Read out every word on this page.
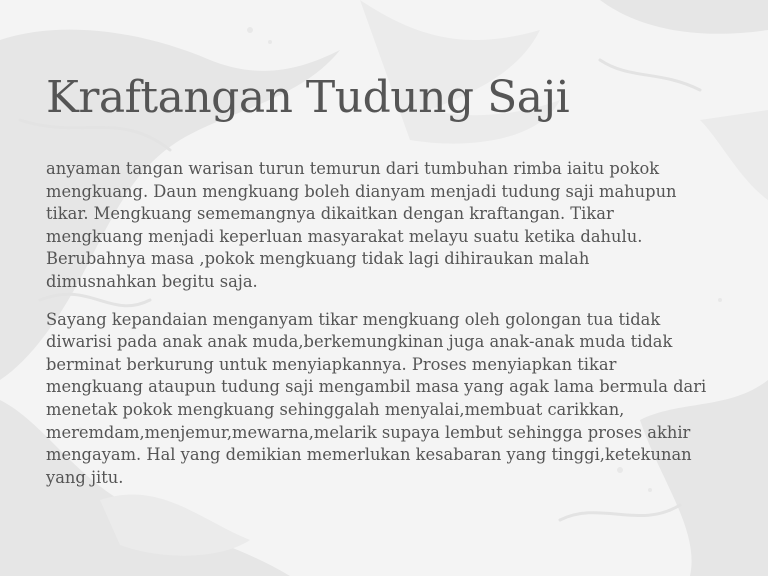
Kraftangan Tudung Saji

anyaman tangan warisan turun temurun dari tumbuhan rimba iaitu pokok
mengkuang. Daun mengkuang boleh dianyam menjadi tudung saji mahupun
tikar. Mengkuang sememangnya dikaitkan dengan kraftangan. Tikar
mengkuang menjadi keperluan masyarakat melayu suatu ketika dahulu.
Berubahnya masa ,pokok mengkuang tidak lagi dihiraukan malah
dimusnahkan begitu saja.

Sayang kepandaian menganyam tikar mengkuang oleh golongan tua tidak
diwarisi pada anak anak muda,berkemungkinan juga anak-anak muda tidak
berminat berkurung untuk menyiapkannya. Proses menyiapkan tikar
mengkuang ataupun tudung saji mengambil masa yang agak lama bermula dari
menetak pokok mengkuang sehinggalah menyalai,membuat carikkan,
meremdam,menjemur,mewarna,melarik supaya lembut sehingga proses akhir
mengayam. Hal yang demikian memerlukan kesabaran yang tinggi,ketekunan
yang jitu.
